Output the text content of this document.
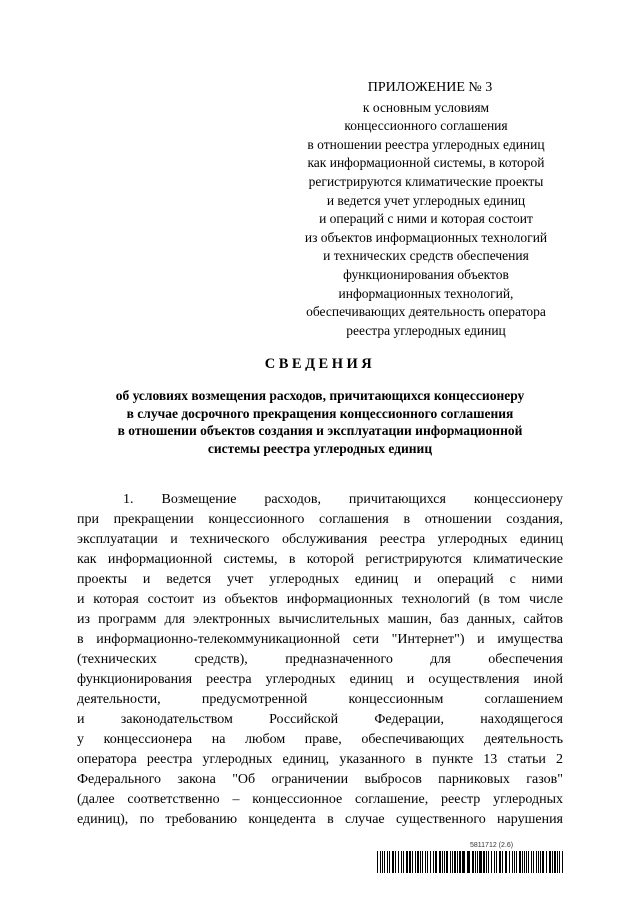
ПРИЛОЖЕНИЕ № 3
к основным условиям
концессионного соглашения
в отношении реестра углеродных единиц
как информационной системы, в которой
регистрируются климатические проекты
и ведется учет углеродных единиц
и операций с ними и которая состоит
из объектов информационных технологий
и технических средств обеспечения
функционирования объектов
информационных технологий,
обеспечивающих деятельность оператора
реестра углеродных единиц
СВЕДЕНИЯ
об условиях возмещения расходов, причитающихся концессионеру
в случае досрочного прекращения концессионного соглашения
в отношении объектов создания и эксплуатации информационной
системы реестра углеродных единиц
1. Возмещение расходов, причитающихся концессионеру
при прекращении концессионного соглашения в отношении создания,
эксплуатации и технического обслуживания реестра углеродных единиц
как информационной системы, в которой регистрируются климатические
проекты и ведется учет углеродных единиц и операций с ними
и которая состоит из объектов информационных технологий (в том числе
из программ для электронных вычислительных машин, баз данных, сайтов
в информационно-телекоммуникационной сети "Интернет") и имущества
(технических средств), предназначенного для обеспечения
функционирования реестра углеродных единиц и осуществления иной
деятельности, предусмотренной концессионным соглашением
и законодательством Российской Федерации, находящегося
у концессионера на любом праве, обеспечивающих деятельность
оператора реестра углеродных единиц, указанного в пункте 13 статьи 2
Федерального закона "Об ограничении выбросов парниковых газов"
(далее соответственно – концессионное соглашение, реестр углеродных
единиц), по требованию концедента в случае существенного нарушения
5811712 (2.6)
